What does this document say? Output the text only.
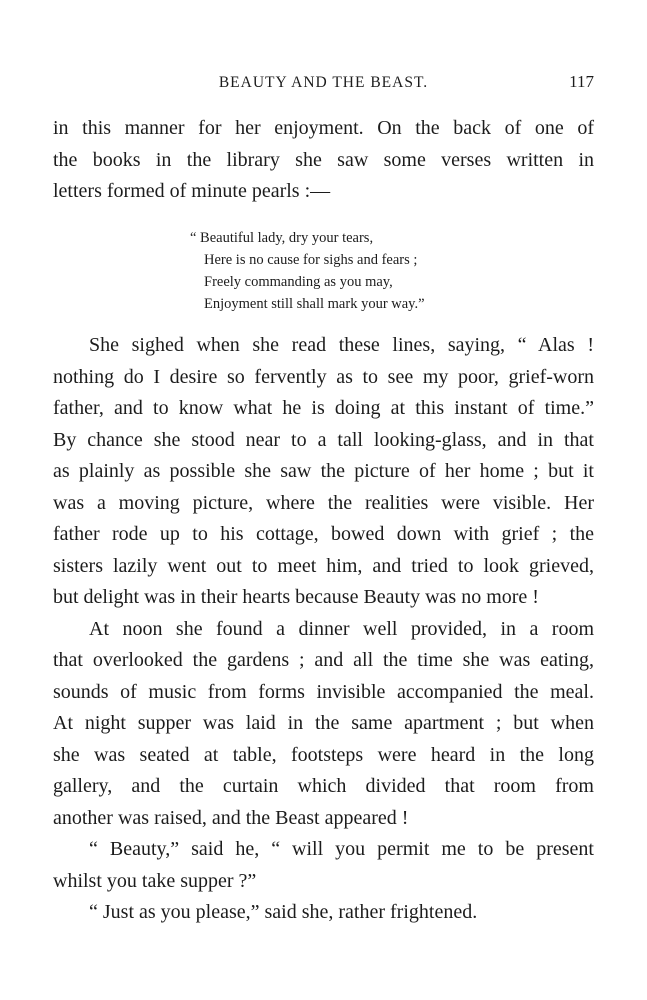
BEAUTY AND THE BEAST.	117
in this manner for her enjoyment. On the back of one of
the books in the library she saw some verses written in
letters formed of minute pearls :—
“ Beautiful lady, dry your tears,
Here is no cause for sighs and fears ;
Freely commanding as you may,
Enjoyment still shall mark your way.”
She sighed when she read these lines, saying, “ Alas !
nothing do I desire so fervently as to see my poor, grief-worn
father, and to know what he is doing at this instant of time.”
By chance she stood near to a tall looking-glass, and in that
as plainly as possible she saw the picture of her home ; but it
was a moving picture, where the realities were visible. Her
father rode up to his cottage, bowed down with grief ; the
sisters lazily went out to meet him, and tried to look grieved,
but delight was in their hearts because Beauty was no more !
At noon she found a dinner well provided, in a room
that overlooked the gardens ; and all the time she was eating,
sounds of music from forms invisible accompanied the meal.
At night supper was laid in the same apartment ; but when
she was seated at table, footsteps were heard in the long
gallery, and the curtain which divided that room from
another was raised, and the Beast appeared !
“ Beauty,” said he, “ will you permit me to be present
whilst you take supper ?”
“ Just as you please,” said she, rather frightened.
